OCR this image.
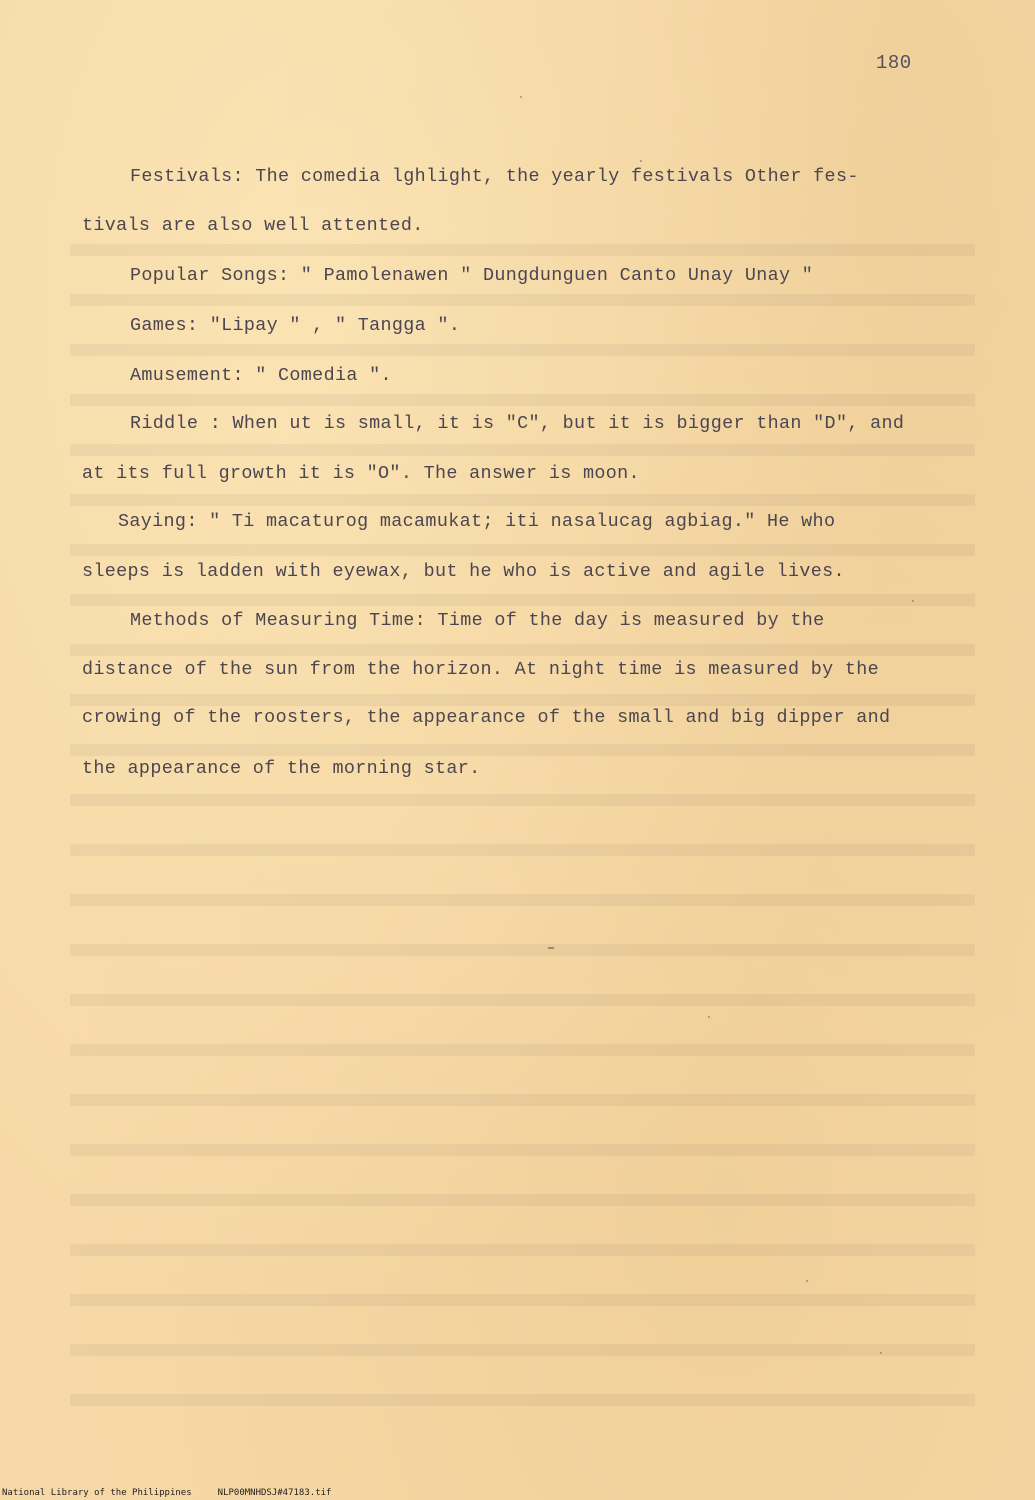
180
Festivals: The comedia lghlight, the yearly festivals Other fes-
tivals are also well attented.
Popular Songs: " Pamolenawen " Dungdunguen Canto Unay Unay "
Games: "Lipay " , " Tangga ".
Amusement: " Comedia ".
Riddle : When ut is small, it is "C", but it is bigger than "D", and
at its full growth it is "O". The answer is moon.
Saying: " Ti macaturog macamukat; iti nasalucag agbiag." He who
sleeps is ladden with eyewax, but he who is active and agile lives.
Methods of Measuring Time: Time of the day is measured by the
distance of the sun from the horizon. At night time is measured by the
crowing of the roosters, the appearance of the small and big dipper and
the appearance of the morning star.
National Library of the Philippines	NLP00MNHDSJ#47183.tif
